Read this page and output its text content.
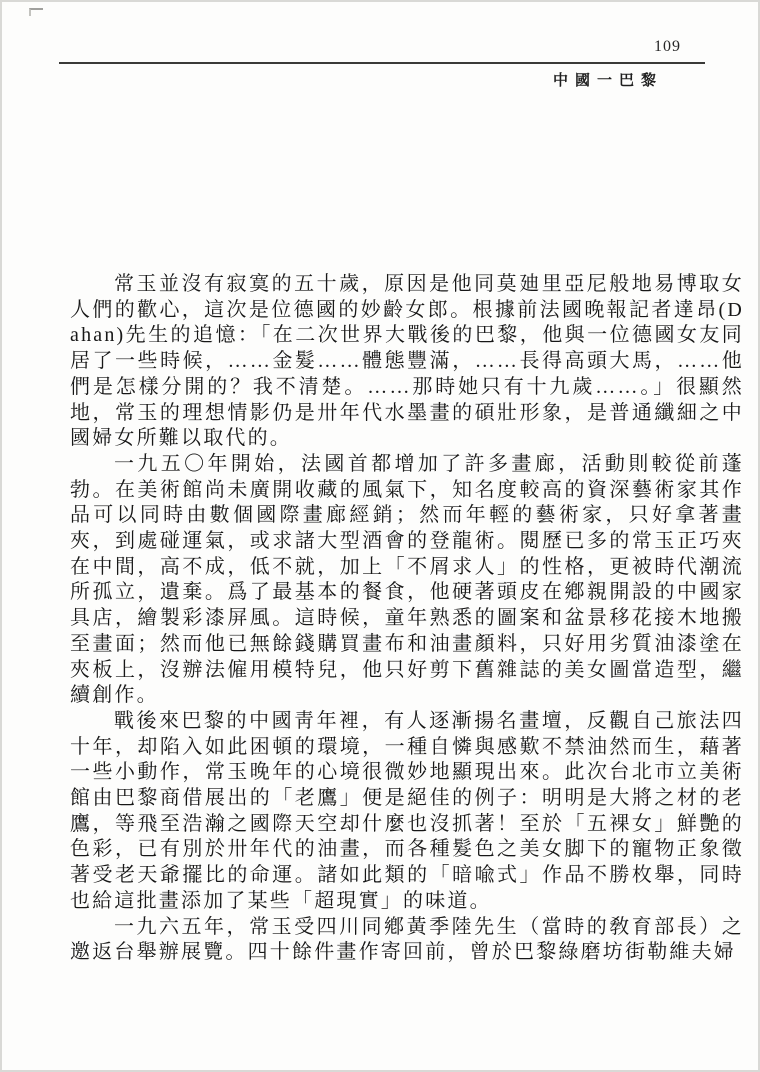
109
中國一巴黎

常玉並沒有寂寞的五十歲，原因是他同莫廸里亞尼般地易博取女人們的歡心，這次是位德國的妙齡女郎。根據前法國晚報記者達昂(Dahan)先生的追憶：「在二次世界大戰後的巴黎，他與一位德國女友同居了一些時候，……金髮……體態豐滿，……長得高頭大馬，……他們是怎樣分開的？我不清楚。……那時她只有十九歲……。」很顯然地，常玉的理想情影仍是卅年代水墨畫的碩壯形象，是普通纖細之中國婦女所難以取代的。

一九五〇年開始，法國首都增加了許多畫廊，活動則較從前蓬勃。在美術館尚未廣開收藏的風氣下，知名度較高的資深藝術家其作品可以同時由數個國際畫廊經銷；然而年輕的藝術家，只好拿著畫夾，到處碰運氣，或求諸大型酒會的登龍術。閱歷已多的常玉正巧夾在中間，高不成，低不就，加上「不屑求人」的性格，更被時代潮流所孤立，遺棄。爲了最基本的餐食，他硬著頭皮在鄕親開設的中國家具店，繪製彩漆屏風。這時候，童年熟悉的圖案和盆景移花接木地搬至畫面；然而他已無餘錢購買畫布和油畫顏料，只好用劣質油漆塗在夾板上，沒辦法僱用模特兒，他只好剪下舊雜誌的美女圖當造型，繼續創作。

戰後來巴黎的中國靑年裡，有人逐漸揚名畫壇，反觀自己旅法四十年，却陷入如此困頓的環境，一種自憐與感歎不禁油然而生，藉著一些小動作，常玉晚年的心境很微妙地顯現出來。此次台北市立美術館由巴黎商借展出的「老鷹」便是絕佳的例子：明明是大將之材的老鷹，等飛至浩瀚之國際天空却什麼也沒抓著！至於「五裸女」鮮艷的色彩，已有別於卅年代的油畫，而各種髮色之美女脚下的寵物正象徵著受老天爺擺比的命運。諸如此類的「暗喩式」作品不勝枚舉，同時也給這批畫添加了某些「超現實」的味道。

一九六五年，常玉受四川同鄕黃季陸先生（當時的敎育部長）之邀返台舉辦展覽。四十餘件畫作寄回前，曾於巴黎綠磨坊街勒維夫婦
